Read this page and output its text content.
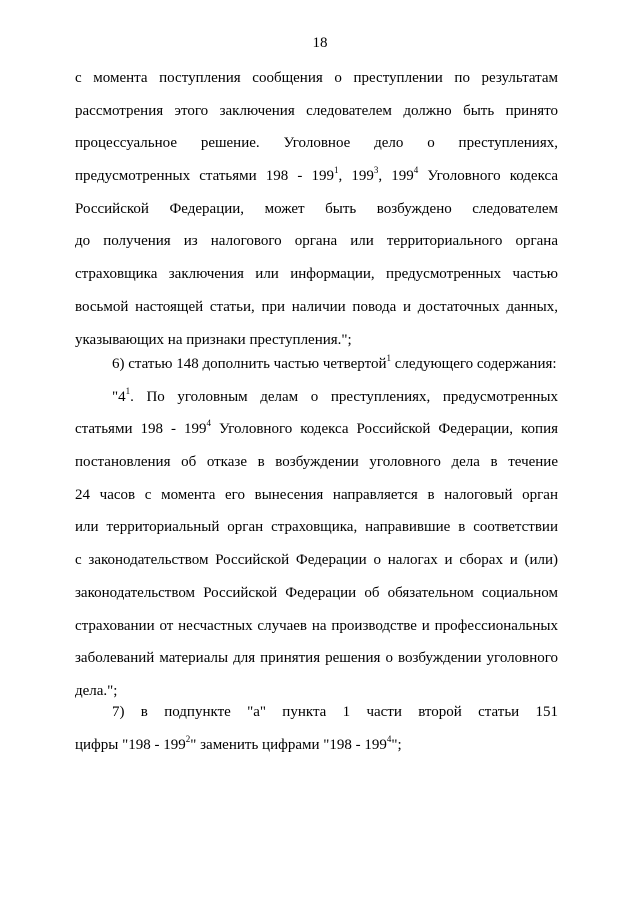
18
с момента поступления сообщения о преступлении по результатам
рассмотрения этого заключения следователем должно быть принято
процессуальное решение. Уголовное дело о преступлениях,
предусмотренных статьями $198 - 199^1$, $199^3$, $199^4$ Уголовного кодекса
Российской Федерации, может быть возбуждено следователем
до получения из налогового органа или территориального органа
страховщика заключения или информации, предусмотренных частью
восьмой настоящей статьи, при наличии повода и достаточных данных,
указывающих на признаки преступления.";
6) статью 148 дополнить частью четвертой$^1$ следующего содержания:
"$4^1$. По уголовным делам о преступлениях, предусмотренных
статьями $198 - 199^4$ Уголовного кодекса Российской Федерации, копия
постановления об отказе в возбуждении уголовного дела в течение
24 часов с момента его вынесения направляется в налоговый орган
или территориальный орган страховщика, направившие в соответствии
с законодательством Российской Федерации о налогах и сборах и (или)
законодательством Российской Федерации об обязательном социальном
страховании от несчастных случаев на производстве и профессиональных
заболеваний материалы для принятия решения о возбуждении уголовного
дела.";
7) в подпункте "а" пункта 1 части второй статьи 151
цифры "$198 - 199^2$" заменить цифрами "$198 - 199^4$";
